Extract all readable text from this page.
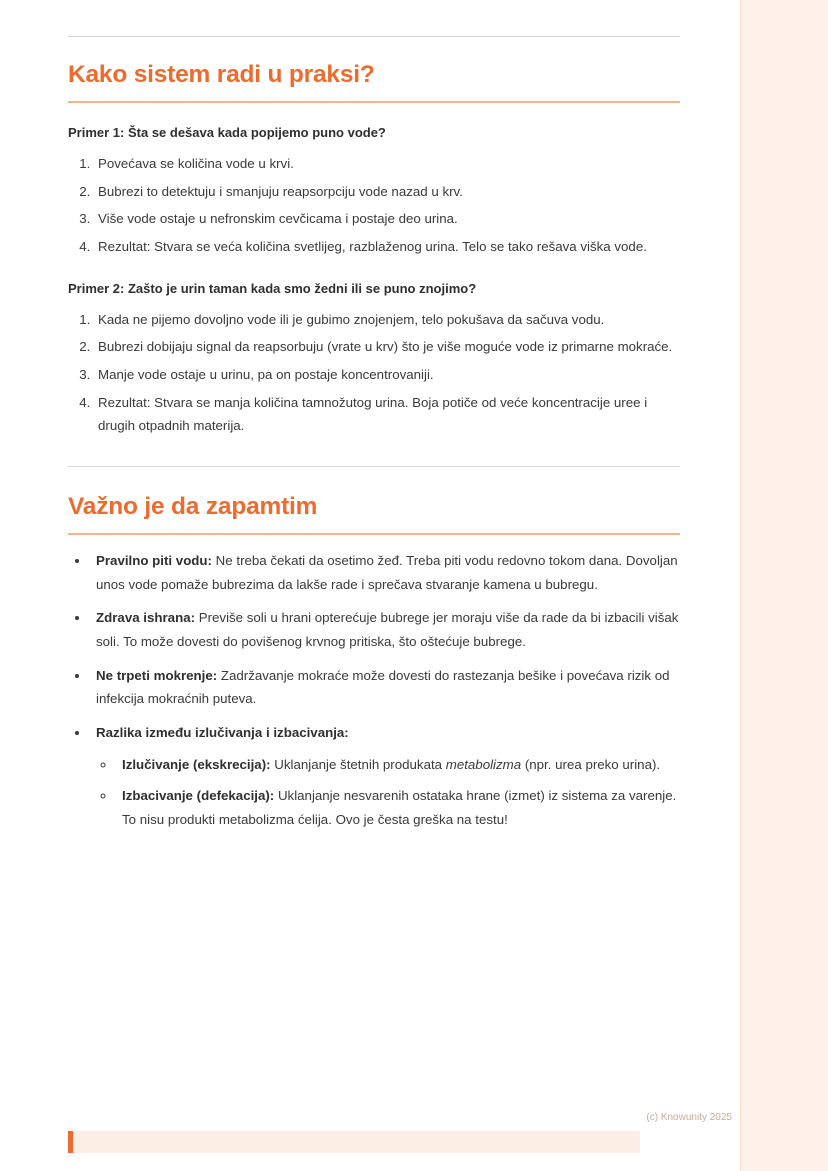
Kako sistem radi u praksi?

Primer 1: Šta se dešava kada popijemo puno vode?

1. Povećava se količina vode u krvi.
2. Bubrezi to detektuju i smanjuju reapsorpciju vode nazad u krv.
3. Više vode ostaje u nefronskim cevčicama i postaje deo urina.
4. Rezultat: Stvara se veća količina svetlijeg, razblaženog urina. Telo se tako rešava viška vode.

Primer 2: Zašto je urin taman kada smo žedni ili se puno znojimo?

1. Kada ne pijemo dovoljno vode ili je gubimo znojenjem, telo pokušava da sačuva vodu.
2. Bubrezi dobijaju signal da reapsorbuju (vrate u krv) što je više moguće vode iz primarne mokraće.
3. Manje vode ostaje u urinu, pa on postaje koncentrovaniji.
4. Rezultat: Stvara se manja količina tamnožutog urina. Boja potiče od veće koncentracije uree i drugih otpadnih materija.
Važno je da zapamtim
• Pravilno piti vodu: Ne treba čekati da osetimo žeđ. Treba piti vodu redovno tokom dana. Dovoljan unos vode pomaže bubrezima da lakše rade i sprečava stvaranje kamena u bubregu.
• Zdrava ishrana: Previše soli u hrani opterećuje bubrege jer moraju više da rade da bi izbacili višak soli. To može dovesti do povišenog krvnog pritiska, što oštećuje bubrege.
• Ne trpeti mokrenje: Zadržavanje mokraće može dovesti do rastezanja bešike i povećava rizik od infekcija mokraćnih puteva.
• Razlika između izlučivanja i izbacivanja:
◦ Izlučivanje (ekskrecija): Uklanjanje štetnih produkata metabolizma (npr. urea preko urina).
◦ Izbacivanje (defekacija): Uklanjanje nesvarenih ostataka hrane (izmet) iz sistema za varenje. To nisu produkti metabolizma ćelija. Ovo je česta greška na testu!
(c) Knowunity 2025
